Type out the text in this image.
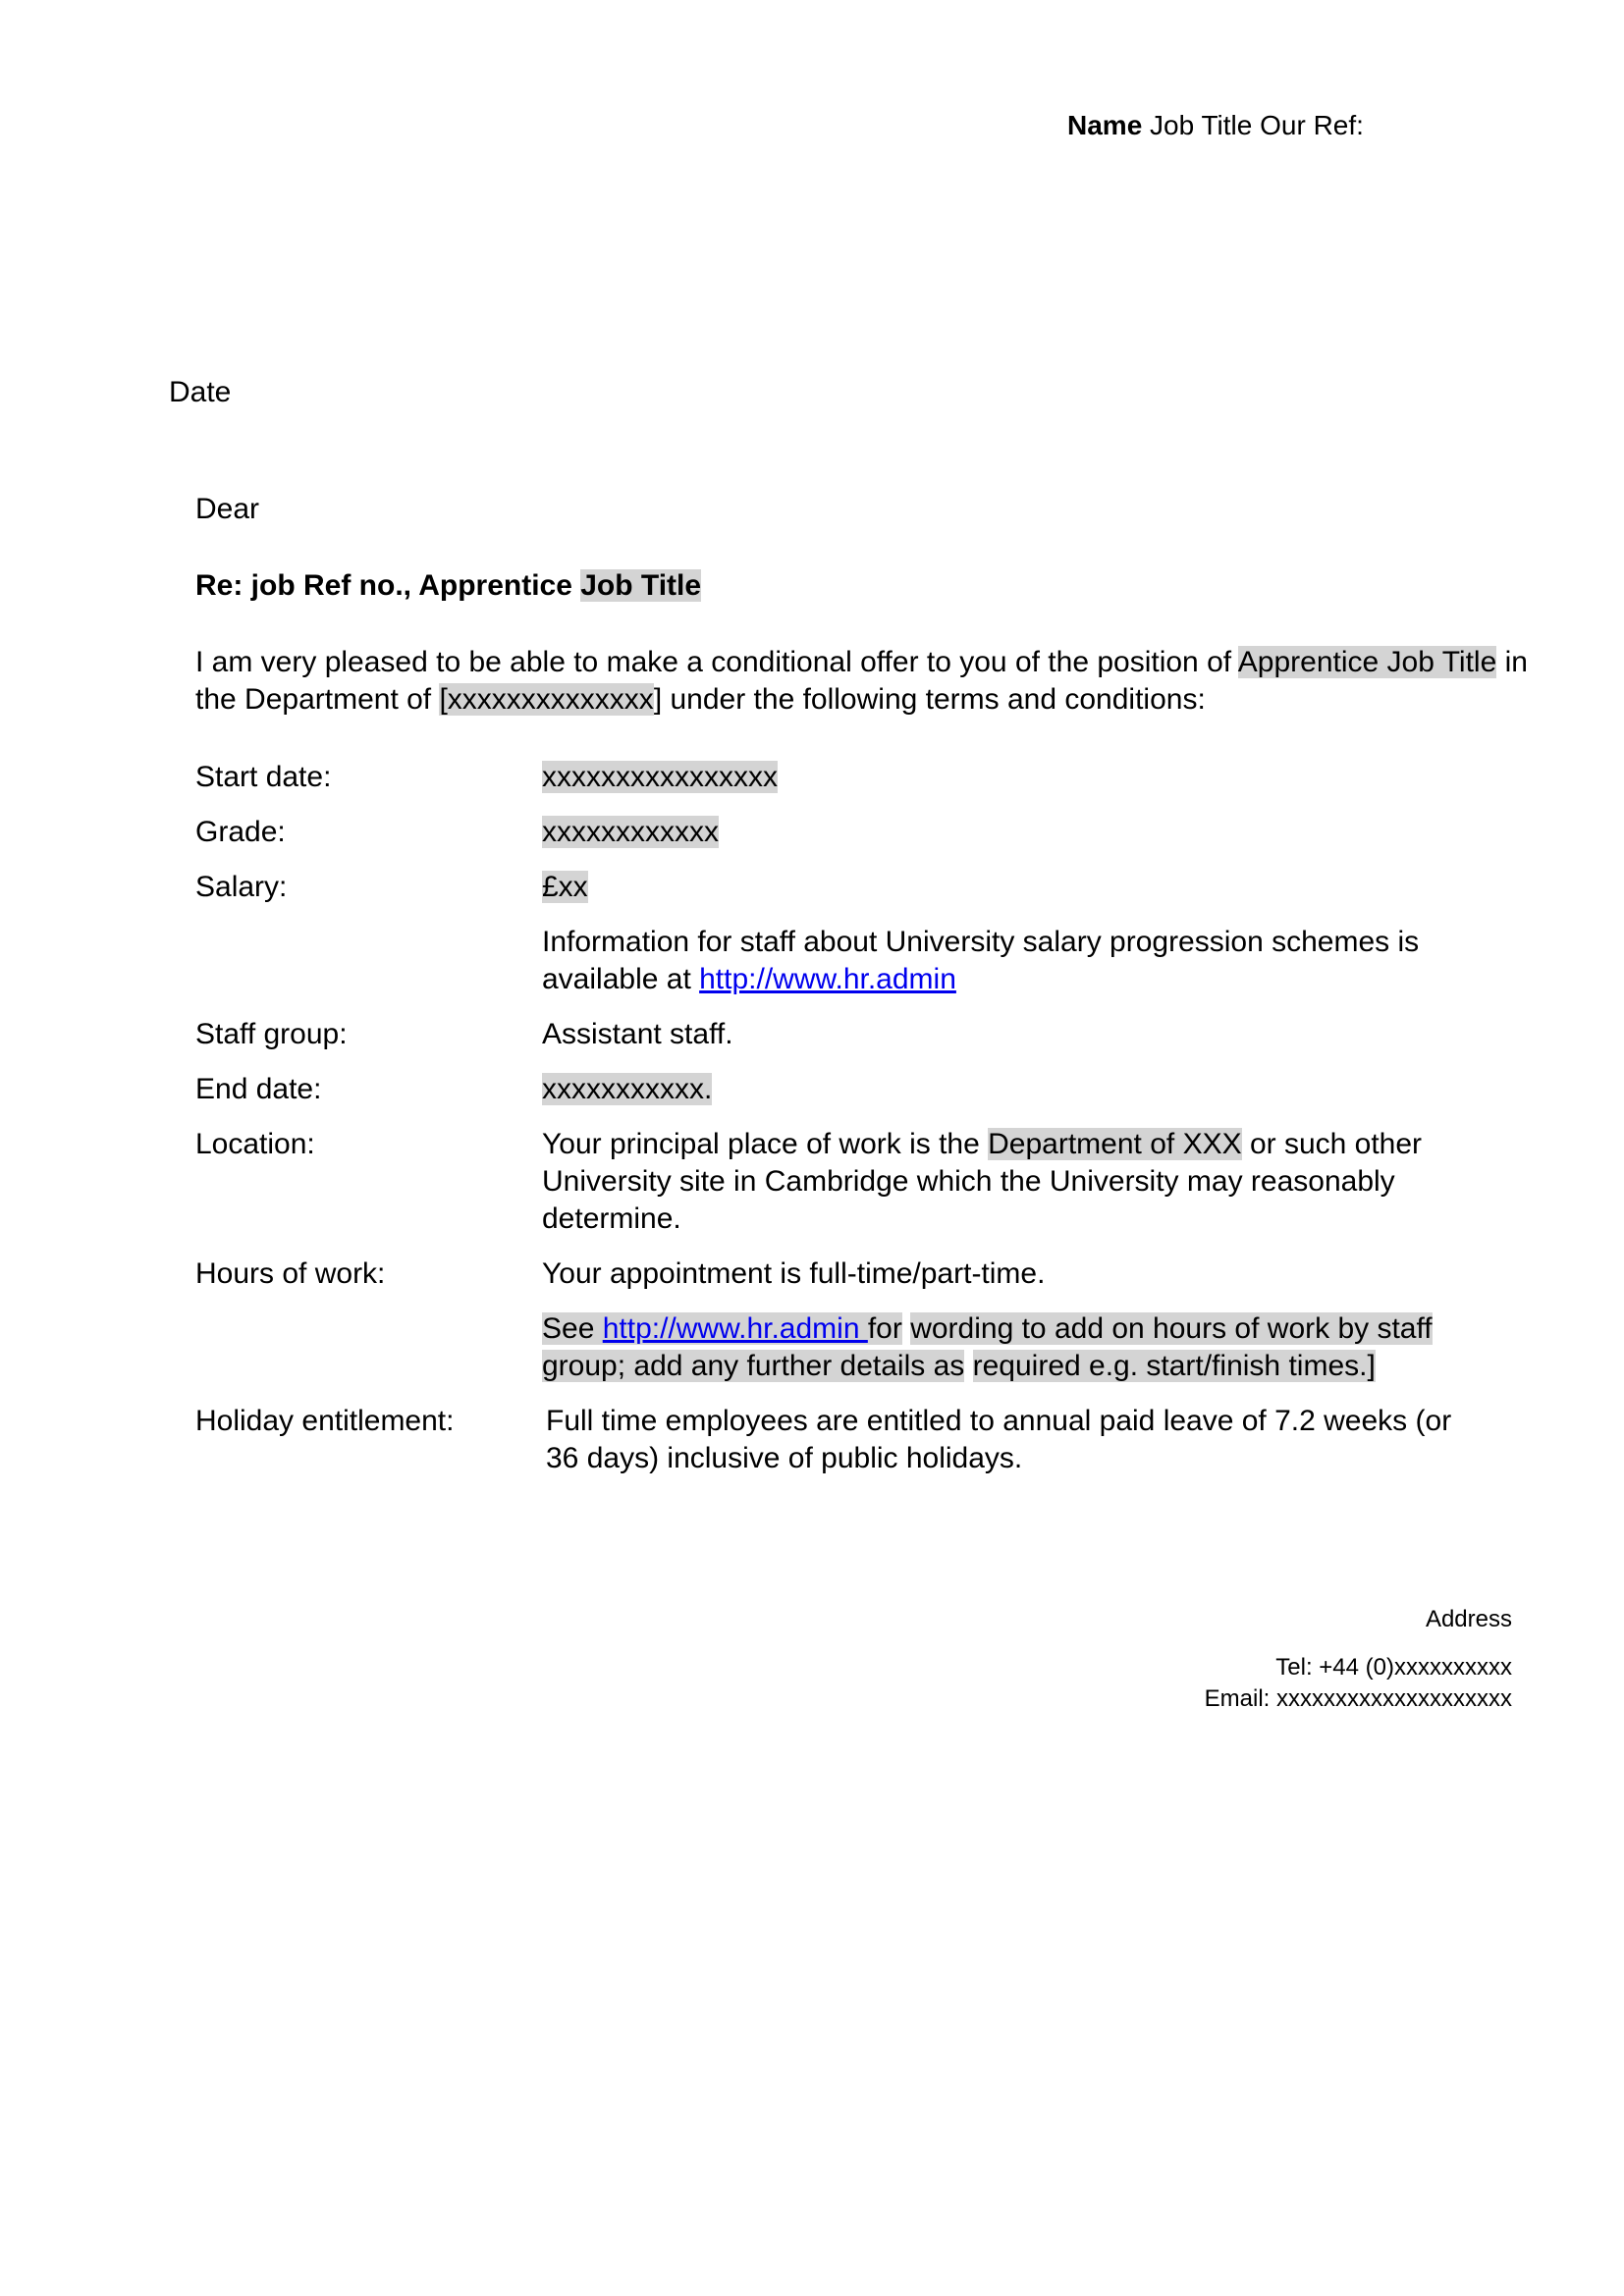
Name Job Title Our Ref:
Date
Dear
Re: job Ref no., Apprentice Job Title
I am very pleased to be able to make a conditional offer to you of the position of Apprentice Job Title in the Department of [xxxxxxxxxxxxxx] under the following terms and conditions:
Start date:	xxxxxxxxxxxxxxxx
Grade:	xxxxxxxxxxxx
Salary:	£xx
Information for staff about University salary progression schemes is available at http://www.hr.admin
Staff group:	Assistant staff.
End date:	xxxxxxxxxxx.
Location:	Your principal place of work is the Department of XXX or such other University site in Cambridge which the University may reasonably determine.
Hours of work:	Your appointment is full-time/part-time.
See http://www.hr.admin for wording to add on hours of work by staff group; add any further details as required e.g. start/finish times.]
Holiday entitlement:	Full time employees are entitled to annual paid leave of 7.2 weeks (or 36 days) inclusive of public holidays.
Address
Tel: +44 (0)xxxxxxxxxx
Email: xxxxxxxxxxxxxxxxxxxx
